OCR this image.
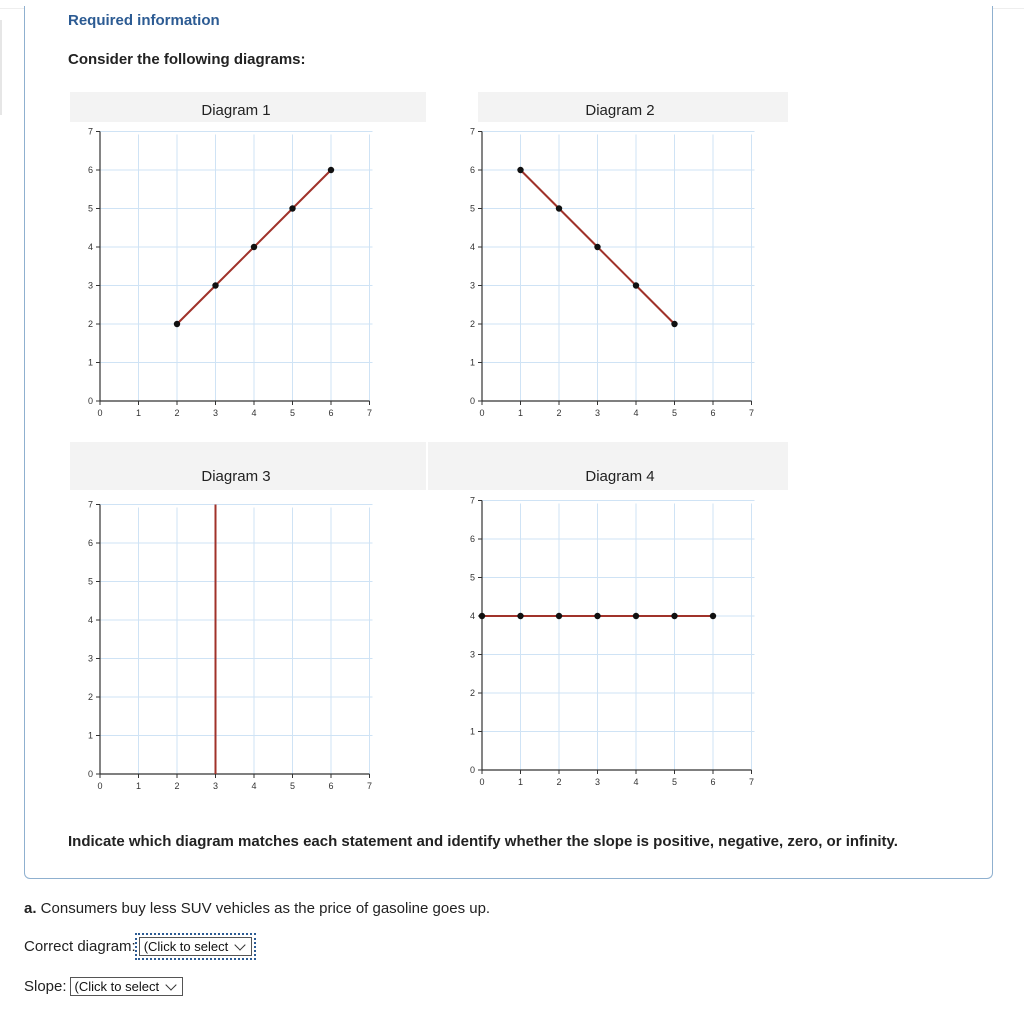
Required information
Consider the following diagrams:
Diagram 1
0
0
1
1
2
2
3
3
4
4
5
5
6
6
7
7
Diagram 2
0
0
1
1
2
2
3
3
4
4
5
5
6
6
7
7
Diagram 3
0
0
1
1
2
2
3
3
4
4
5
5
6
6
7
7
Diagram 4
0
0
1
1
2
2
3
3
4
4
5
5
6
6
7
7
Indicate which diagram matches each statement and identify whether the slope is positive, negative, zero, or infinity.
a. Consumers buy less SUV vehicles as the price of gasoline goes up.
Correct diagram: (Click to select
Slope: (Click to select
